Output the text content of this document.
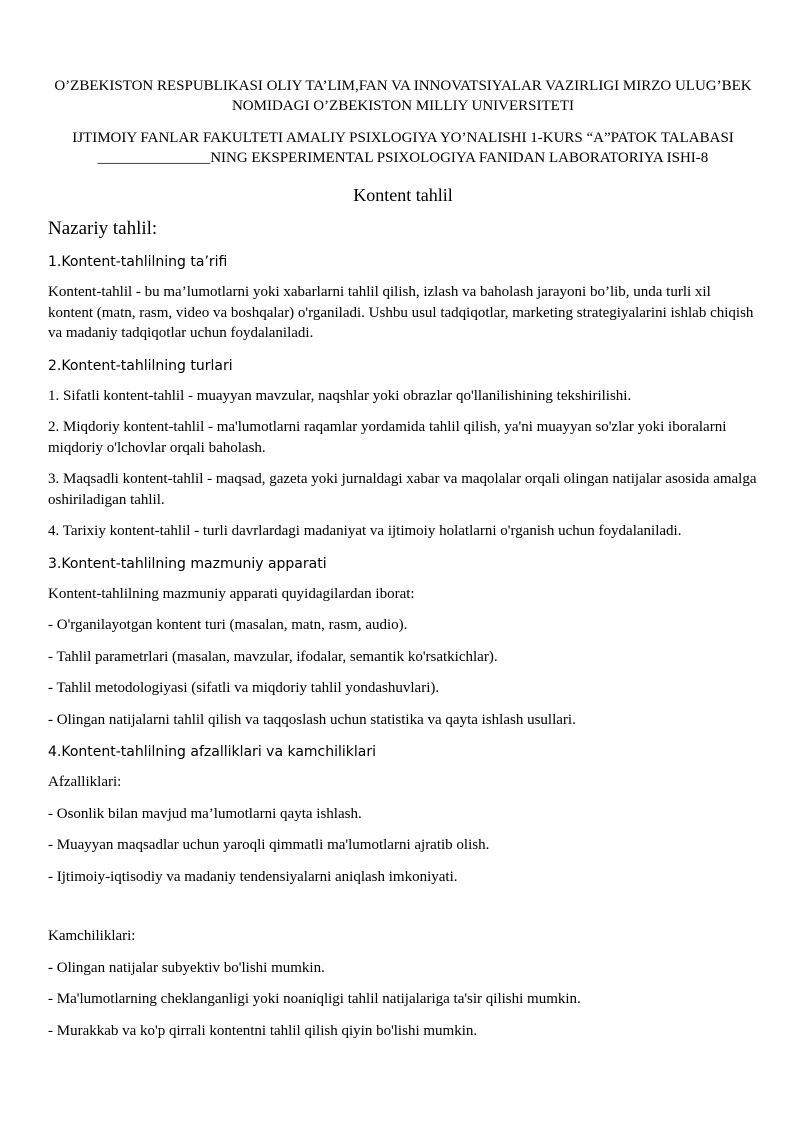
O’ZBEKISTON RESPUBLIKASI OLIY TA’LIM,FAN VA INNOVATSIYALAR VAZIRLIGI MIRZO ULUG’BEK NOMIDAGI O’ZBEKISTON MILLIY UNIVERSITETI

IJTIMOIY FANLAR FAKULTETI AMALIY PSIXLOGIYA YO’NALISHI 1-KURS “A”PATOK TALABASI _______________NING EKSPERIMENTAL PSIXOLOGIYA FANIDAN LABORATORIYA ISHI-8

Kontent tahlil

Nazariy tahlil:

1.Kontent-tahlilning ta’rifi

Kontent-tahlil - bu ma’lumotlarni yoki xabarlarni tahlil qilish, izlash va baholash jarayoni bo’lib, unda turli xil kontent (matn, rasm, video va boshqalar) o'rganiladi. Ushbu usul tadqiqotlar, marketing strategiyalarini ishlab chiqish va madaniy tadqiqotlar uchun foydalaniladi.

2.Kontent-tahlilning turlari

1. Sifatli kontent-tahlil - muayyan mavzular, naqshlar yoki obrazlar qo'llanilishining tekshirilishi.

2. Miqdoriy kontent-tahlil - ma'lumotlarni raqamlar yordamida tahlil qilish, ya'ni muayyan so'zlar yoki iboralarni miqdoriy o'lchovlar orqali baholash.

3. Maqsadli kontent-tahlil - maqsad, gazeta yoki jurnaldagi xabar va maqolalar orqali olingan natijalar asosida amalga oshiriladigan tahlil.

4. Tarixiy kontent-tahlil - turli davrlardagi madaniyat va ijtimoiy holatlarni o'rganish uchun foydalaniladi.

3.Kontent-tahlilning mazmuniy apparati

Kontent-tahlilning mazmuniy apparati quyidagilardan iborat:

- O'rganilayotgan kontent turi (masalan, matn, rasm, audio).

- Tahlil parametrlari (masalan, mavzular, ifodalar, semantik ko'rsatkichlar).

- Tahlil metodologiyasi (sifatli va miqdoriy tahlil yondashuvlari).

- Olingan natijalarni tahlil qilish va taqqoslash uchun statistika va qayta ishlash usullari.

4.Kontent-tahlilning afzalliklari va kamchiliklari

Afzalliklari:

- Osonlik bilan mavjud ma’lumotlarni qayta ishlash.

- Muayyan maqsadlar uchun yaroqli qimmatli ma'lumotlarni ajratib olish.

- Ijtimoiy-iqtisodiy va madaniy tendensiyalarni aniqlash imkoniyati.

Kamchiliklari:

- Olingan natijalar subyektiv bo'lishi mumkin.

- Ma'lumotlarning cheklanganligi yoki noaniqligi tahlil natijalariga ta'sir qilishi mumkin.

- Murakkab va ko'p qirrali kontentni tahlil qilish qiyin bo'lishi mumkin.
